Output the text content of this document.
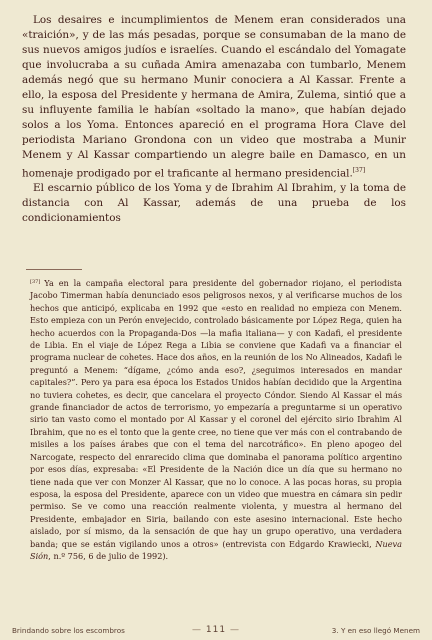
Los desaires e incumplimientos de Menem eran considerados una «traición», y de las más pesadas, porque se consumaban de la mano de sus nuevos amigos judíos e israelíes. Cuando el escándalo del Yomagate que involucraba a su cuñada Amira amenazaba con tumbarlo, Menem además negó que su hermano Munir conociera a Al Kassar. Frente a ello, la esposa del Presidente y hermana de Amira, Zulema, sintió que a su influyente familia le habían «soltado la mano», que habían dejado solos a los Yoma. Entonces apareció en el programa Hora Clave del periodista Mariano Grondona con un video que mostraba a Munir Menem y Al Kassar compartiendo un alegre baile en Damasco, en un homenaje prodigado por el traficante al hermano presidencial.[37]

El escarnio público de los Yoma y de Ibrahim Al Ibrahim, y la toma de distancia con Al Kassar, además de una prueba de los condicionamientos

[37] Ya en la campaña electoral para presidente del gobernador riojano, el periodista Jacobo Timerman había denunciado esos peligrosos nexos, y al verificarse muchos de los hechos que anticipó, explicaba en 1992 que «esto en realidad no empieza con Menem. Esto empieza con un Perón envejecido, controlado básicamente por López Rega, quien ha hecho acuerdos con la Propaganda-Dos —la mafia italiana— y con Kadafi, el presidente de Libia. En el viaje de López Rega a Libia se conviene que Kadafi va a financiar el programa nuclear de cohetes. Hace dos años, en la reunión de los No Alineados, Kadafi le preguntó a Menem: “dígame, ¿cómo anda eso?, ¿seguimos interesados en mandar capitales?”. Pero ya para esa época los Estados Unidos habían decidido que la Argentina no tuviera cohetes, es decir, que cancelara el proyecto Cóndor. Siendo Al Kassar el más grande financiador de actos de terrorismo, yo empezaría a preguntarme si un operativo sirio tan vasto como el montado por Al Kassar y el coronel del ejército sirio Ibrahim Al Ibrahim, que no es el tonto que la gente cree, no tiene que ver más con el contrabando de misiles a los países árabes que con el tema del narcotráfico». En pleno apogeo del Narcogate, respecto del enrarecido clima que dominaba el panorama político argentino por esos días, expresaba: «El Presidente de la Nación dice un día que su hermano no tiene nada que ver con Monzer Al Kassar, que no lo conoce. A las pocas horas, su propia esposa, la esposa del Presidente, aparece con un video que muestra en cámara sin pedir permiso. Se ve como una reacción realmente violenta, y muestra al hermano del Presidente, embajador en Siria, bailando con este asesino internacional. Este hecho aislado, por sí mismo, da la sensación de que hay un grupo operativo, una verdadera banda; que se están vigilando unos a otros» (entrevista con Edgardo Krawiecki, Nueva Sión, n.º 756, 6 de julio de 1992).

Brindando sobre los escombros	— 111 —	3. Y en eso llegó Menem
